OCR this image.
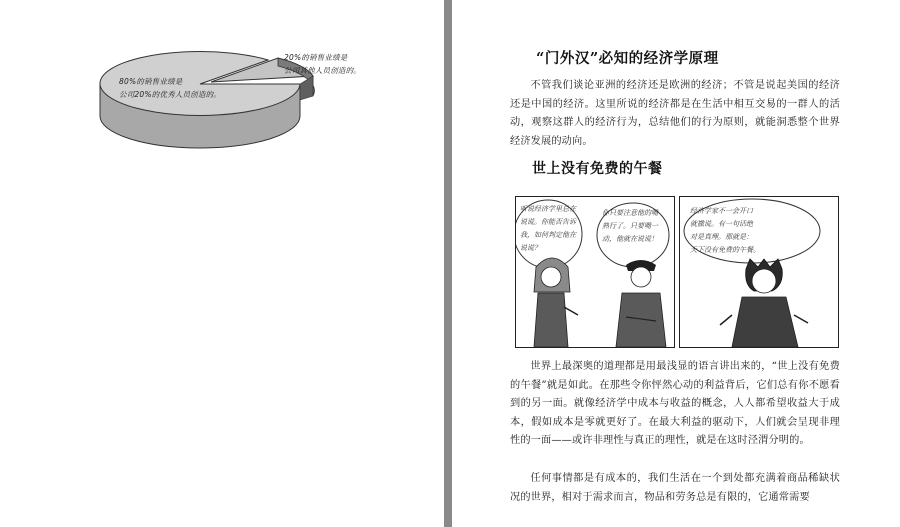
80%的销售业绩是
公司20%的优秀人员创造的。
20%的销售业绩是
公司其他人员创造的。
“门外汉”必知的经济学原理
不管我们谈论亚洲的经济还是欧洲的经济；不管是说起美国的经济还是中国的经济。这里所说的经济都是在生活中相互交易的一群人的活动，观察这群人的经济行为，总结他们的行为原则，就能洞悉整个世界经济发展的动向。
世上没有免费的午餐
听说经济学里总在
说谎。你能否告诉
我，如何判定他在
说谎？
你只要注意他的嘴
熟行了。只要嘴一
动，他就在说谎！
经济学家不一会开口
就撒谎。有一句话绝
对是真理。那就是：
天下没有免费的午餐。
世界上最深奥的道理都是用最浅显的语言讲出来的，“世上没有免费的午餐”就是如此。在那些令你怦然心动的利益背后，它们总有你不愿看到的另一面。就像经济学中成本与收益的概念，人人都希望收益大于成本，假如成本是零就更好了。在最大利益的驱动下，人们就会呈现非理性的一面——或许非理性与真正的理性，就是在这时泾渭分明的。
任何事情都是有成本的，我们生活在一个到处都充满着商品稀缺状况的世界，相对于需求而言，物品和劳务总是有限的，它通常需要
